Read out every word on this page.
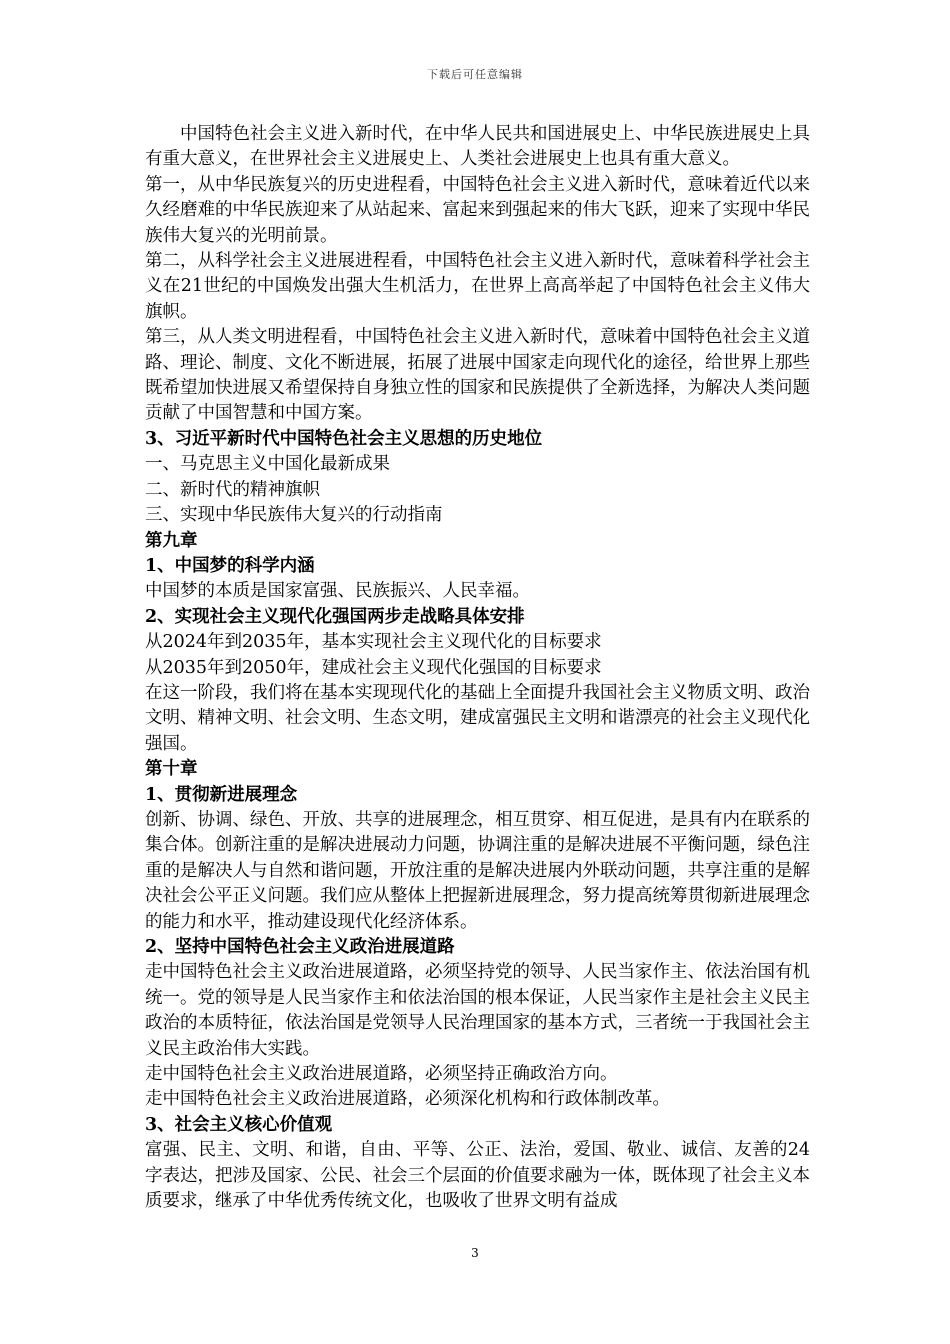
下载后可任意编辑

中国特色社会主义进入新时代，在中华人民共和国进展史上、中华民族进展史上具有重大意义，在世界社会主义进展史上、人类社会进展史上也具有重大意义。

第一，从中华民族复兴的历史进程看，中国特色社会主义进入新时代，意味着近代以来久经磨难的中华民族迎来了从站起来、富起来到强起来的伟大飞跃，迎来了实现中华民族伟大复兴的光明前景。

第二，从科学社会主义进展进程看，中国特色社会主义进入新时代，意味着科学社会主义在21世纪的中国焕发出强大生机活力，在世界上高高举起了中国特色社会主义伟大旗帜。

第三，从人类文明进程看，中国特色社会主义进入新时代，意味着中国特色社会主义道路、理论、制度、文化不断进展，拓展了进展中国家走向现代化的途径，给世界上那些既希望加快进展又希望保持自身独立性的国家和民族提供了全新选择，为解决人类问题贡献了中国智慧和中国方案。

3、习近平新时代中国特色社会主义思想的历史地位

一、马克思主义中国化最新成果

二、新时代的精神旗帜

三、实现中华民族伟大复兴的行动指南

第九章

1、中国梦的科学内涵

中国梦的本质是国家富强、民族振兴、人民幸福。

2、实现社会主义现代化强国两步走战略具体安排

从2024年到2035年，基本实现社会主义现代化的目标要求

从2035年到2050年，建成社会主义现代化强国的目标要求

在这一阶段，我们将在基本实现现代化的基础上全面提升我国社会主义物质文明、政治文明、精神文明、社会文明、生态文明，建成富强民主文明和谐漂亮的社会主义现代化强国。

第十章

1、贯彻新进展理念

创新、协调、绿色、开放、共享的进展理念，相互贯穿、相互促进，是具有内在联系的集合体。创新注重的是解决进展动力问题，协调注重的是解决进展不平衡问题，绿色注重的是解决人与自然和谐问题，开放注重的是解决进展内外联动问题，共享注重的是解决社会公平正义问题。我们应从整体上把握新进展理念，努力提高统筹贯彻新进展理念的能力和水平，推动建设现代化经济体系。

2、坚持中国特色社会主义政治进展道路

走中国特色社会主义政治进展道路，必须坚持党的领导、人民当家作主、依法治国有机统一。党的领导是人民当家作主和依法治国的根本保证，人民当家作主是社会主义民主政治的本质特征，依法治国是党领导人民治理国家的基本方式，三者统一于我国社会主义民主政治伟大实践。

走中国特色社会主义政治进展道路，必须坚持正确政治方向。

走中国特色社会主义政治进展道路，必须深化机构和行政体制改革。

3、社会主义核心价值观

富强、民主、文明、和谐，自由、平等、公正、法治，爱国、敬业、诚信、友善的24字表达，把涉及国家、公民、社会三个层面的价值要求融为一体，既体现了社会主义本质要求，继承了中华优秀传统文化，也吸收了世界文明有益成

3
